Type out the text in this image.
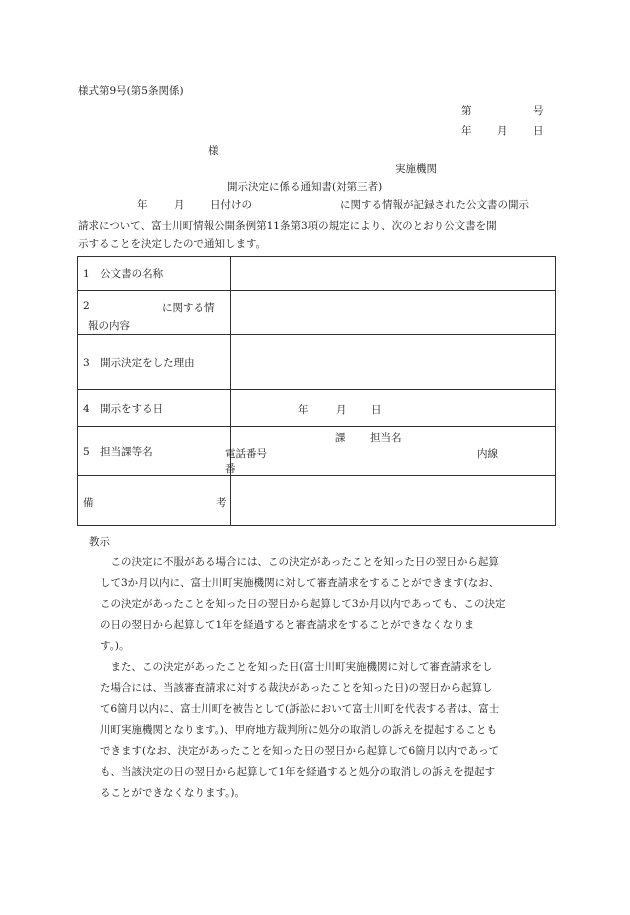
様式第9号(第5条関係)
第	号
年 月 日
様
実施機関
開示決定に係る通知書(対第三者)
年	月 日付けの	に関する情報が記録された公文書の開示
請求について、富士川町情報公開条例第11条第3項の規定により、次のとおり公文書を開
示することを決定したので通知します。
1　公文書の名称	

2 に関する情
報の内容	

3　開示決定をした理由	
4　開示をする日	年 月 日

5　担当課等名	課 担当名
電話番号
番
内線

備 考	

教示
　この決定に不服がある場合には、この決定があったことを知った日の翌日から起算
して3か月以内に、富士川町実施機関に対して審査請求をすることができます(なお、
この決定があったことを知った日の翌日から起算して3か月以内であっても、この決定
の日の翌日から起算して1年を経過すると審査請求をすることができなくなりま
す。)。
　また、この決定があったことを知った日(富士川町実施機関に対して審査請求をし
た場合には、当該審査請求に対する裁決があったことを知った日)の翌日から起算し
て6箇月以内に、富士川町を被告として(訴訟において富士川町を代表する者は、富士
川町実施機関となります。)、甲府地方裁判所に処分の取消しの訴えを提起することも
できます(なお、決定があったことを知った日の翌日から起算して6箇月以内であって
も、当該決定の日の翌日から起算して1年を経過すると処分の取消しの訴えを提起す
ることができなくなります。)。
